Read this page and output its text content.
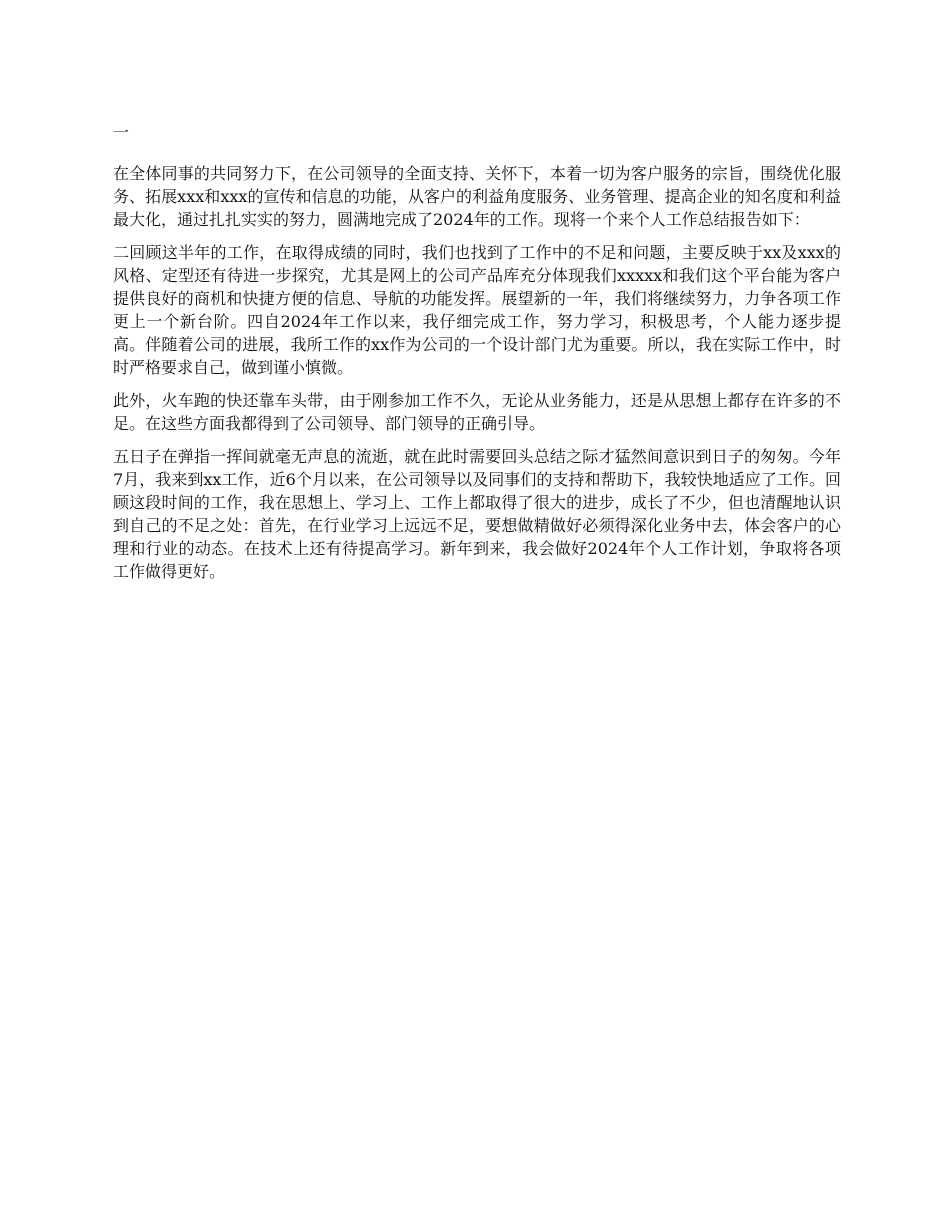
一

在全体同事的共同努力下，在公司领导的全面支持、关怀下，本着一切为客户服务的宗旨，围绕优化服务、拓展xxx和xxx的宣传和信息的功能，从客户的利益角度服务、业务管理、提高企业的知名度和利益最大化，通过扎扎实实的努力，圆满地完成了2024年的工作。现将一个来个人工作总结报告如下：

二回顾这半年的工作，在取得成绩的同时，我们也找到了工作中的不足和问题，主要反映于xx及xxx的风格、定型还有待进一步探究，尤其是网上的公司产品库充分体现我们xxxxx和我们这个平台能为客户提供良好的商机和快捷方便的信息、导航的功能发挥。展望新的一年，我们将继续努力，力争各项工作更上一个新台阶。四自2024年工作以来，我仔细完成工作，努力学习，积极思考，个人能力逐步提高。伴随着公司的进展，我所工作的xx作为公司的一个设计部门尤为重要。所以，我在实际工作中，时时严格要求自己，做到谨小慎微。

此外，火车跑的快还靠车头带，由于刚参加工作不久，无论从业务能力，还是从思想上都存在许多的不足。在这些方面我都得到了公司领导、部门领导的正确引导。

五日子在弹指一挥间就毫无声息的流逝，就在此时需要回头总结之际才猛然间意识到日子的匆匆。今年7月，我来到xx工作，近6个月以来，在公司领导以及同事们的支持和帮助下，我较快地适应了工作。回顾这段时间的工作，我在思想上、学习上、工作上都取得了很大的进步，成长了不少，但也清醒地认识到自己的不足之处：首先，在行业学习上远远不足，要想做精做好必须得深化业务中去，体会客户的心理和行业的动态。在技术上还有待提高学习。新年到来，我会做好2024年个人工作计划，争取将各项工作做得更好。
